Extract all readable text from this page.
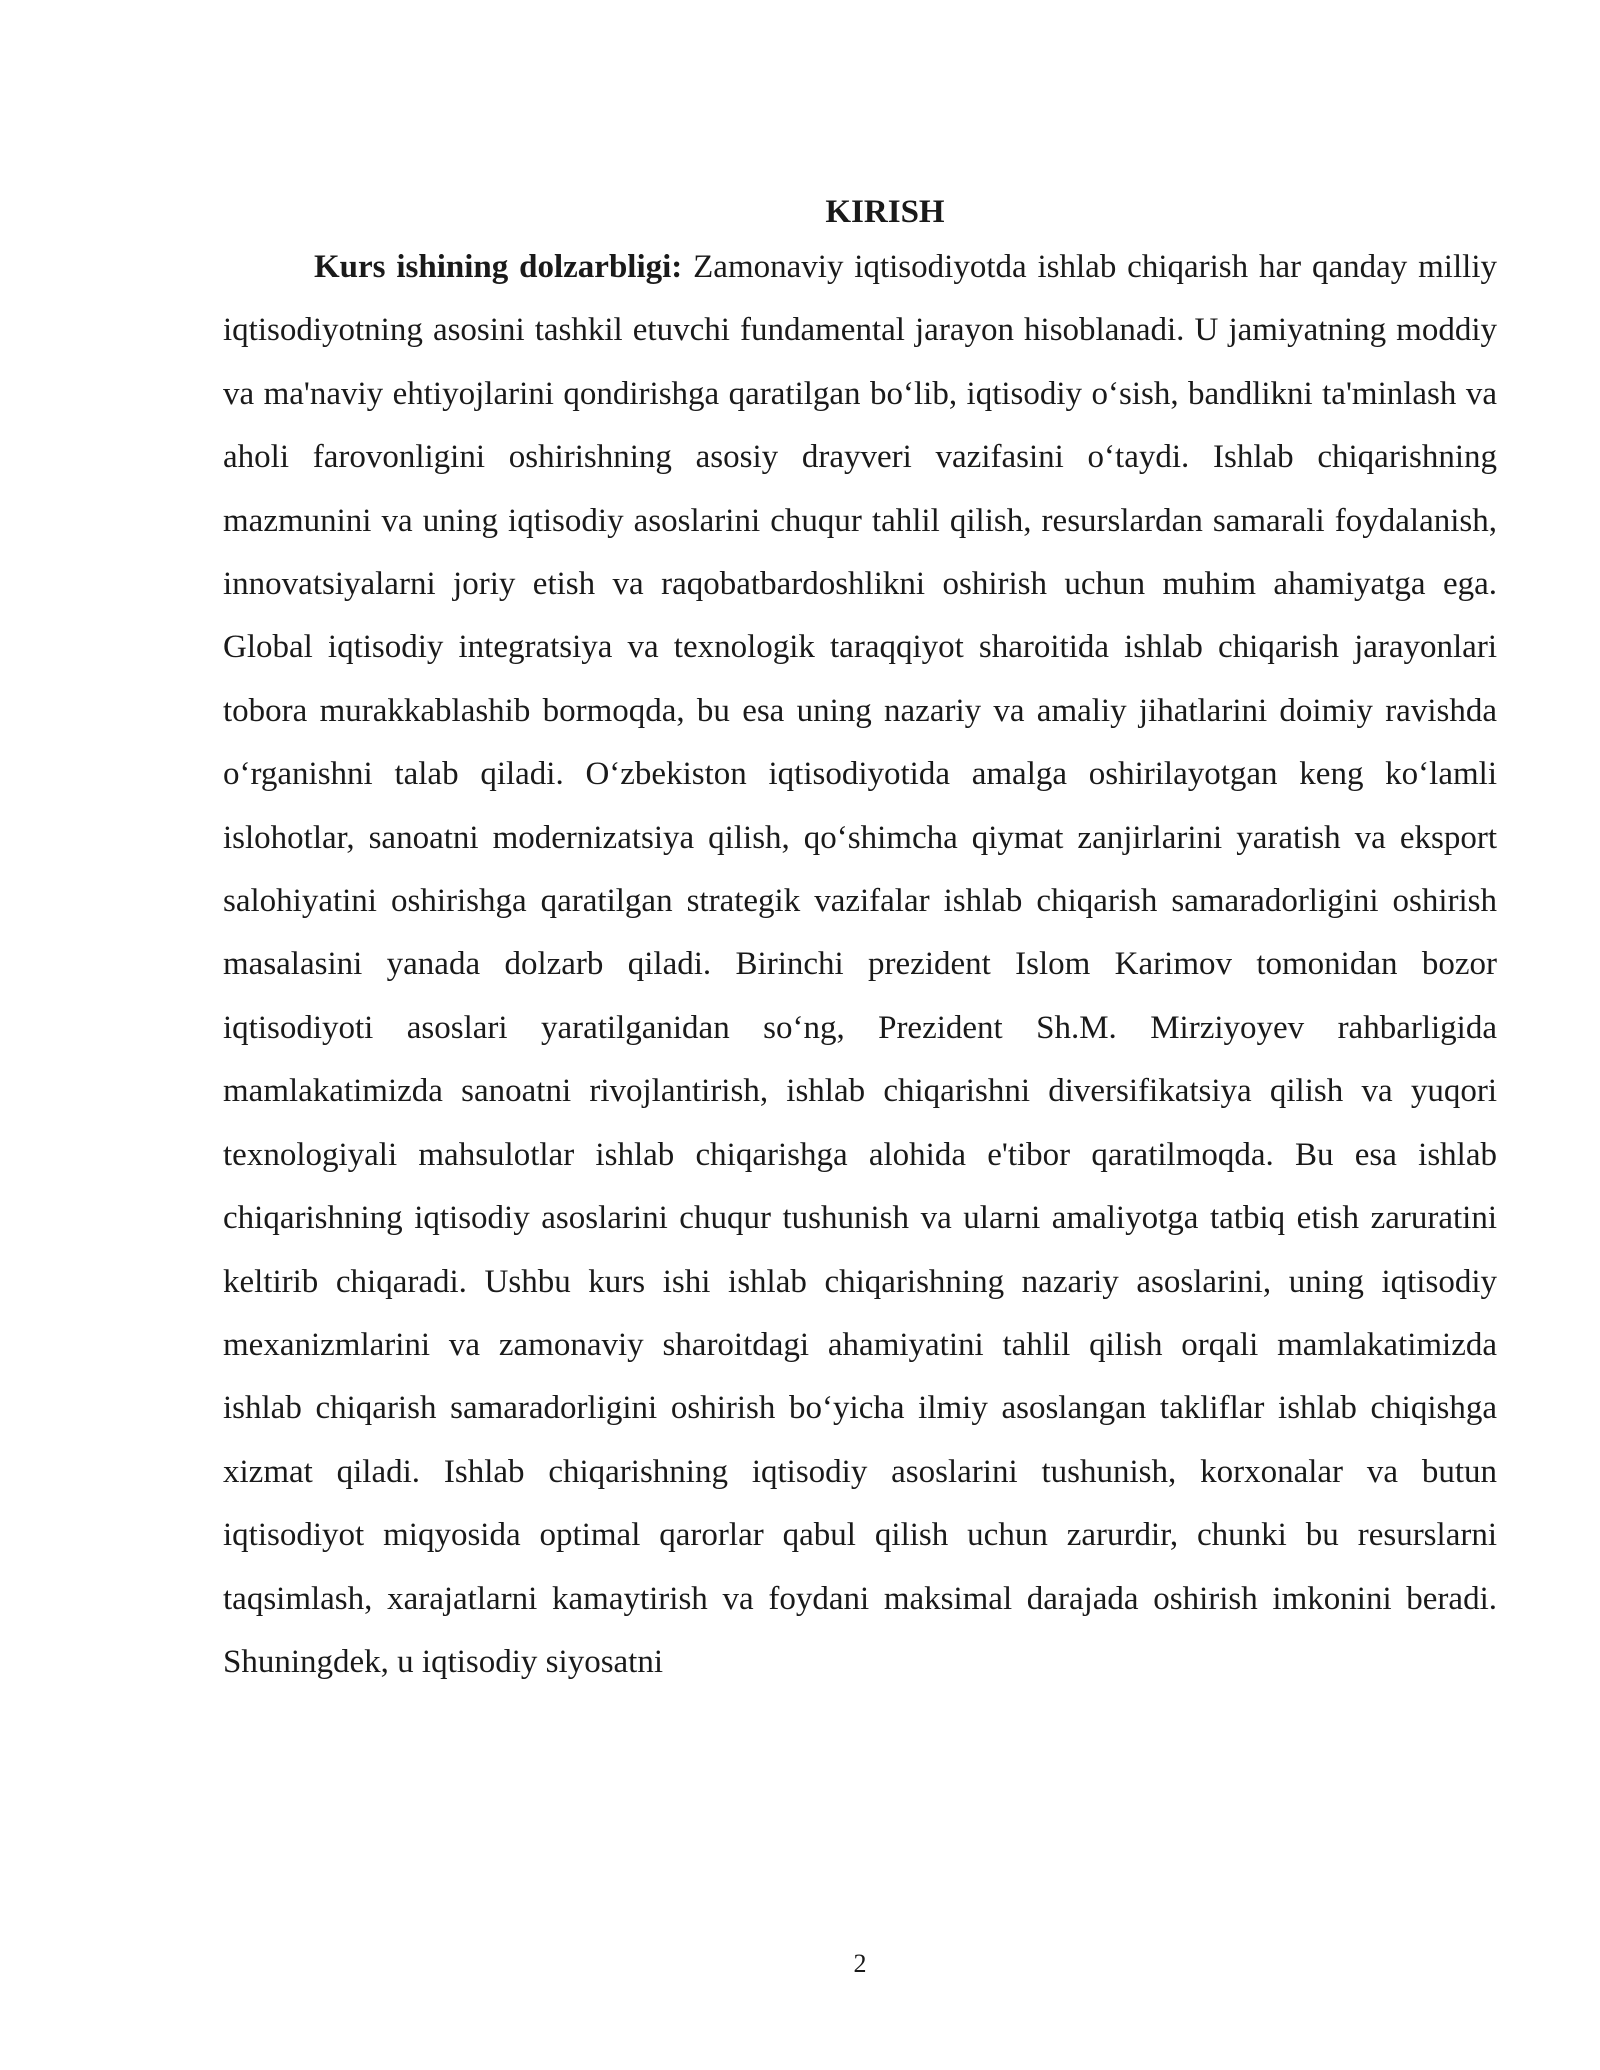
KIRISH

Kurs ishining dolzarbligi: Zamonaviy iqtisodiyotda ishlab chiqarish har qanday milliy iqtisodiyotning asosini tashkil etuvchi fundamental jarayon hisoblanadi. U jamiyatning moddiy va ma'naviy ehtiyojlarini qondirishga qaratilgan bo‘lib, iqtisodiy o‘sish, bandlikni ta'minlash va aholi farovonligini oshirishning asosiy drayveri vazifasini o‘taydi. Ishlab chiqarishning mazmunini va uning iqtisodiy asoslarini chuqur tahlil qilish, resurslardan samarali foydalanish, innovatsiyalarni joriy etish va raqobatbardoshlikni oshirish uchun muhim ahamiyatga ega. Global iqtisodiy integratsiya va texnologik taraqqiyot sharoitida ishlab chiqarish jarayonlari tobora murakkablashib bormoqda, bu esa uning nazariy va amaliy jihatlarini doimiy ravishda o‘rganishni talab qiladi. O‘zbekiston iqtisodiyotida amalga oshirilayotgan keng ko‘lamli islohotlar, sanoatni modernizatsiya qilish, qo‘shimcha qiymat zanjirlarini yaratish va eksport salohiyatini oshirishga qaratilgan strategik vazifalar ishlab chiqarish samaradorligini oshirish masalasini yanada dolzarb qiladi. Birinchi prezident Islom Karimov tomonidan bozor iqtisodiyoti asoslari yaratilganidan so‘ng, Prezident Sh.M. Mirziyoyev rahbarligida mamlakatimizda sanoatni rivojlantirish, ishlab chiqarishni diversifikatsiya qilish va yuqori texnologiyali mahsulotlar ishlab chiqarishga alohida e'tibor qaratilmoqda. Bu esa ishlab chiqarishning iqtisodiy asoslarini chuqur tushunish va ularni amaliyotga tatbiq etish zaruratini keltirib chiqaradi. Ushbu kurs ishi ishlab chiqarishning nazariy asoslarini, uning iqtisodiy mexanizmlarini va zamonaviy sharoitdagi ahamiyatini tahlil qilish orqali mamlakatimizda ishlab chiqarish samaradorligini oshirish bo‘yicha ilmiy asoslangan takliflar ishlab chiqishga xizmat qiladi. Ishlab chiqarishning iqtisodiy asoslarini tushunish, korxonalar va butun iqtisodiyot miqyosida optimal qarorlar qabul qilish uchun zarurdir, chunki bu resurslarni taqsimlash, xarajatlarni kamaytirish va foydani maksimal darajada oshirish imkonini beradi. Shuningdek, u iqtisodiy siyosatni

2
